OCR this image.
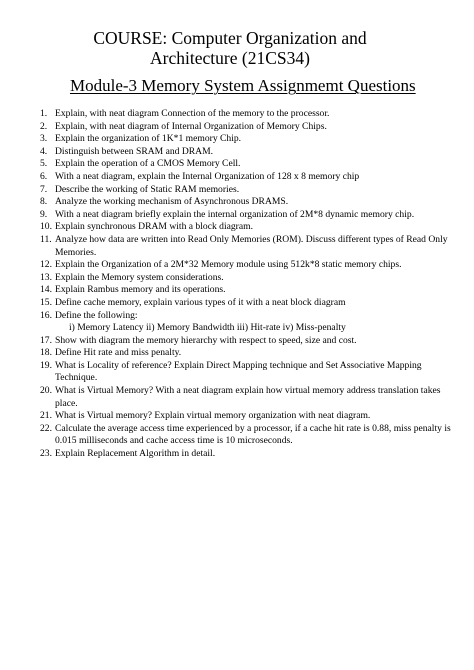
COURSE: Computer Organization and
Architecture (21CS34)
Module-3 Memory System Assignmemt Questions
1. Explain, with neat diagram Connection of the memory to the processor.
2. Explain, with neat diagram of Internal Organization of Memory Chips.
3. Explain the organization of 1K*1 memory Chip.
4. Distinguish between SRAM and DRAM.
5. Explain the operation of a CMOS Memory Cell.
6. With a neat diagram, explain the Internal Organization of 128 x 8 memory chip
7. Describe the working of Static RAM memories.
8. Analyze the working mechanism of Asynchronous DRAMS.
9. With a neat diagram briefly explain the internal organization of 2M*8 dynamic memory chip.
10. Explain synchronous DRAM with a block diagram.
11. Analyze how data are written into Read Only Memories (ROM). Discuss different types of Read Only Memories.
12. Explain the Organization of a 2M*32 Memory module using 512k*8 static memory chips.
13. Explain the Memory system considerations.
14. Explain Rambus memory and its operations.
15. Define cache memory, explain various types of it with a neat block diagram
16. Define the following:
i) Memory Latency ii) Memory Bandwidth iii) Hit-rate iv) Miss-penalty
17. Show with diagram the memory hierarchy with respect to speed, size and cost.
18. Define Hit rate and miss penalty.
19. What is Locality of reference? Explain Direct Mapping technique and Set Associative Mapping Technique.
20. What is Virtual Memory? With a neat diagram explain how virtual memory address translation takes place.
21. What is Virtual memory? Explain virtual memory organization with neat diagram.
22. Calculate the average access time experienced by a processor, if a cache hit rate is 0.88, miss penalty is 0.015 milliseconds and cache access time is 10 microseconds.
23. Explain Replacement Algorithm in detail.
